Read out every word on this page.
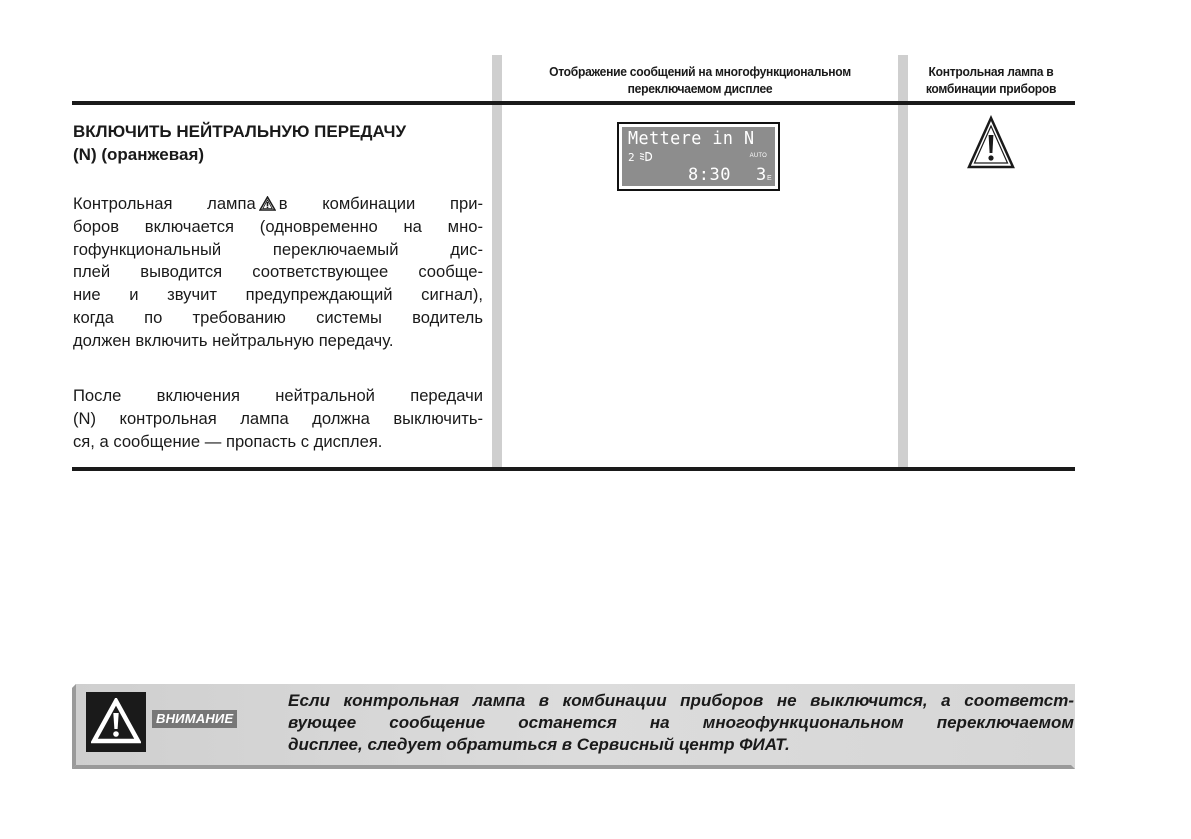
Отображение сообщений на многофункциональном переключаемом дисплее
Контрольная лампа в комбинации приборов
ВКЛЮЧИТЬ НЕЙТРАЛЬНУЮ ПЕРЕДАЧУ
(N) (оранжевая)
Контрольная лампа в комбинации при-
боров включается (одновременно на мно-
гофункциональный переключаемый дис-
плей выводится соответствующее сообще-
ние и звучит предупреждающий сигнал),
когда по требованию системы водитель
должен включить нейтральную передачу.
После включения нейтральной передачи
(N) контрольная лампа должна выключить-
ся, а сообщение — пропасть с дисплея.
Mettere in N
2	AUTO
8:30 3 E
ВНИМАНИЕ
Если контрольная лампа в комбинации приборов не выключится, а соответст-
вующее сообщение останется на многофункциональном переключаемом
дисплее, следует обратиться в Сервисный центр ФИАТ.
